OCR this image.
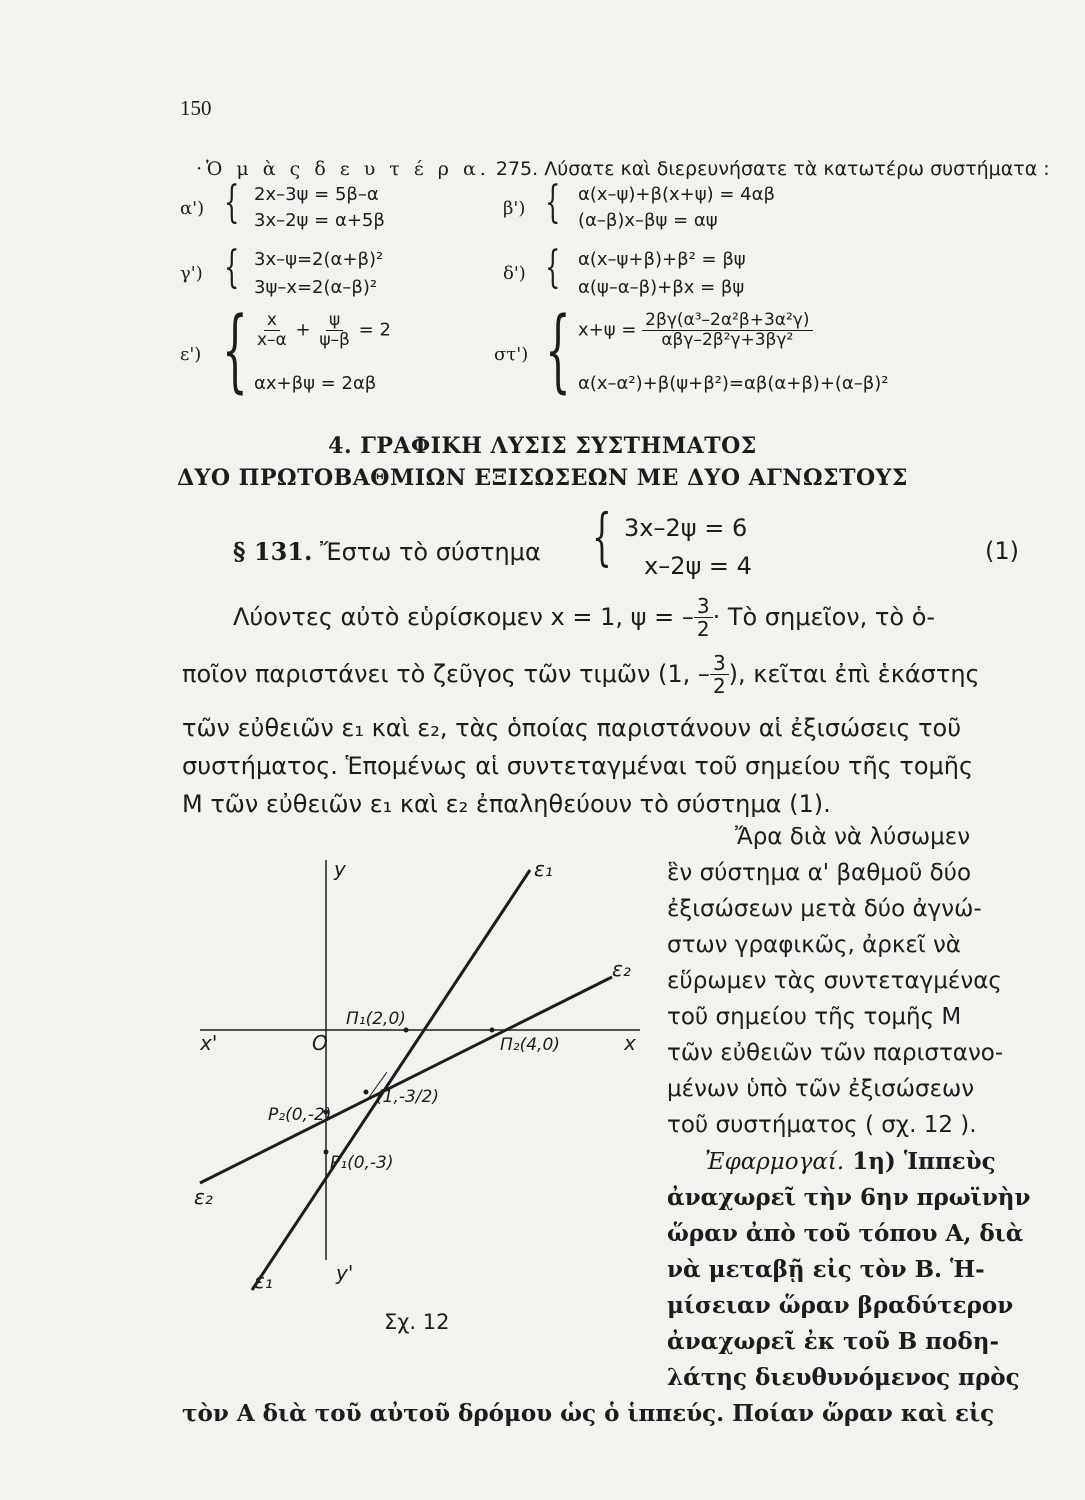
150
·Ὁ μ ὰ ς δ ε υ τ έ ρ α. 275. Λύσατε καὶ διερευνήσατε τὰ κατωτέρω συστήματα :
α') { 2x–3ψ = 5β–α
3x–2ψ = α+5β
β') { α(x–ψ)+β(x+ψ) = 4αβ
(α–β)x–βψ = αψ
γ') { 3x–ψ=2(α+β)²
3ψ–x=2(α–β)²
δ') { α(x–ψ+β)+β² = βψ
α(ψ–α–β)+βx = βψ
ε') { $\frac{x}{x-\alpha} + \frac{\psi}{\psi-\beta} = 2$
αx+βψ = 2αβ
στ') { $x+\psi = \frac{\text{2βγ(α³–2α²β+3α²γ)}}{\text{αβγ–2β²γ+3βγ²}}$
α(x–α²)+β(ψ+β²)=αβ(α+β)+(α–β)²
4. ΓΡΑΦΙΚΗ ΛΥΣΙΣ ΣΥΣΤΗΜΑΤΟΣ
ΔΥΟ ΠΡΩΤΟΒΑΘΜΙΩΝ ΕΞΙΣΩΣΕΩΝ ΜΕ ΔΥΟ ΑΓΝΩΣΤΟΥΣ
§ 131. Ἔστω τὸ σύστημα { 3x–2ψ = 6
x–2ψ = 4
(1)
Λύοντες αὐτὸ εὑρίσκομεν x = 1, ψ = – $\frac{3}{2}$ · Τὸ σημεῖον, τὸ ὁ-
ποῖον παριστάνει τὸ ζεῦγος τῶν τιμῶν (1, – $\frac{3}{2}$ ), κεῖται ἐπὶ ἑκάστης
τῶν εὐθειῶν ε₁ καὶ ε₂, τὰς ὁποίας παριστάνουν αἱ ἐξισώσεις τοῦ
συστήματος. Ἑπομένως αἱ συντεταγμέναι τοῦ σημείου τῆς τομῆς
Μ τῶν εὐθειῶν ε₁ καὶ ε₂ ἐπαληθεύουν τὸ σύστημα (1).
Ἄρα διὰ νὰ λύσωμεν
ἓν σύστημα α' βαθμοῦ δύο
ἐξισώσεων μετὰ δύο ἀγνώ-
στων γραφικῶς, ἀρκεῖ νὰ
εὕρωμεν τὰς συντεταγμένας
τοῦ σημείου τῆς τομῆς Μ
τῶν εὐθειῶν τῶν παριστανο-
μένων ὑπὸ τῶν ἐξισώσεων
τοῦ συστήματος ( σχ. 12 ).
Ἐφαρμογαί. 1η) Ἱππεὺς
ἀναχωρεῖ τὴν 6ην πρωϊνὴν
ὥραν ἀπὸ τοῦ τόπου Α, διὰ
νὰ μεταβῇ εἰς τὸν Β. Ἡ-
μίσειαν ὥραν βραδύτερον
ἀναχωρεῖ ἐκ τοῦ Β ποδη-
λάτης διευθυνόμενος πρὸς
τὸν Α διὰ τοῦ αὐτοῦ δρόμου ὡς ὁ ἱππεύς. Ποίαν ὥραν καὶ εἰς
y	ε₁
ε₂
Π₁(2,0)
x'	O	Π₂(4,0)	x
(1,-3/2)
Ρ₂(0,-2)
Ρ₁(0,-3)
ε₂
ε₁	y'
Σχ. 12
